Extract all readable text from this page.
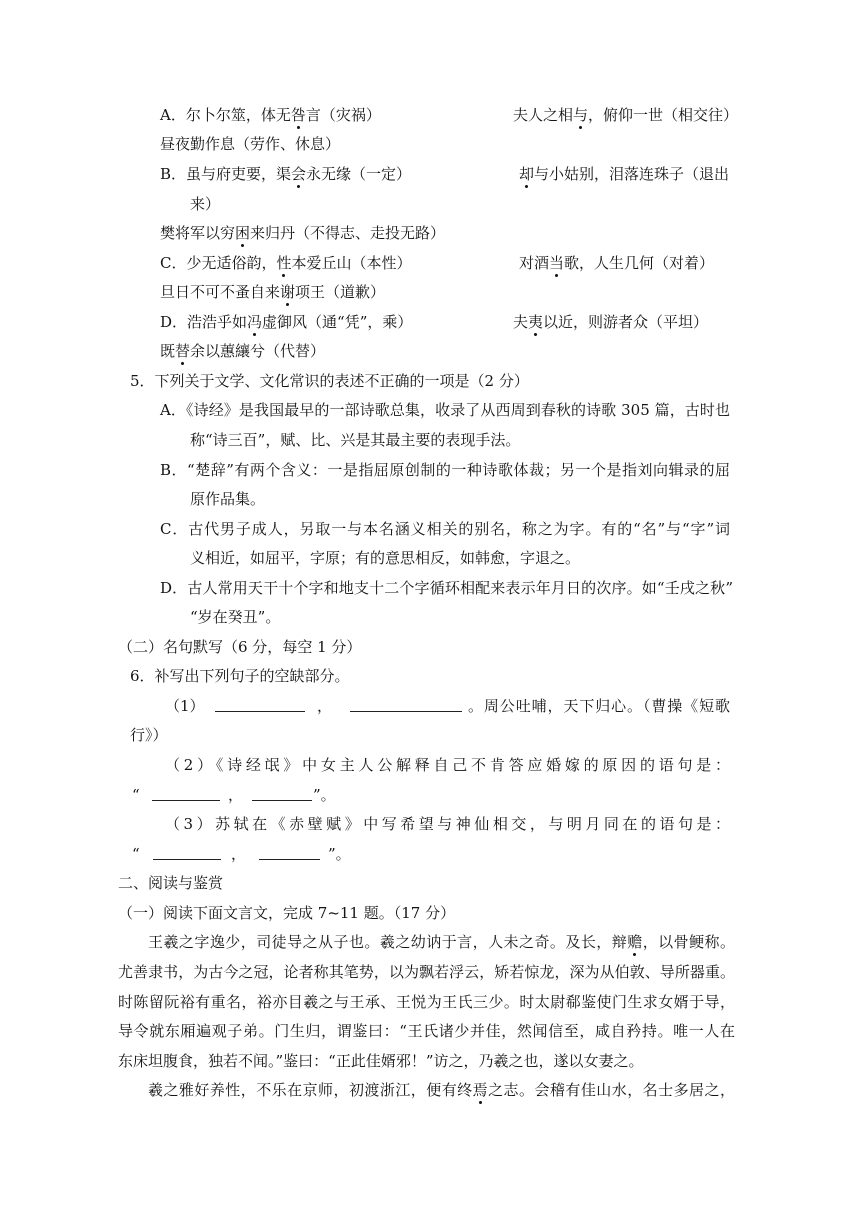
A．尔卜尔筮，体无咎言（灾祸）	夫人之相与，俯仰一世（相交往）
昼夜勤作息（劳作、休息）
B．虽与府吏要，渠会永无缘（一定）	却与小姑别，泪落连珠子（退出
来）
樊将军以穷困来归丹（不得志、走投无路）
C．少无适俗韵，性本爱丘山（本性）	对酒当歌，人生几何（对着）
旦日不可不蚤自来谢项王（道歉）
D．浩浩乎如冯虚御风（通“凭”，乘）	夫夷以近，则游者众（平坦）
既替余以蕙纕兮（代替）
5．下列关于文学、文化常识的表述不正确的一项是（2 分）
A．《诗经》是我国最早的一部诗歌总集，收录了从西周到春秋的诗歌 305 篇，古时也
称“诗三百”，赋、比、兴是其最主要的表现手法。
B．“楚辞”有两个含义：一是指屈原创制的一种诗歌体裁；另一个是指刘向辑录的屈
原作品集。
C．古代男子成人，另取一与本名涵义相关的别名，称之为字。有的“名”与“字”词
义相近，如屈平，字原；有的意思相反，如韩愈，字退之。
D．古人常用天干十个字和地支十二个字循环相配来表示年月日的次序。如“壬戌之秋”
“岁在癸丑”。
（二）名句默写（6 分，每空 1 分）
6．补写出下列句子的空缺部分。
（1）	，	。周公吐哺，天下归心。（曹操《短歌
行》）
（2）《诗经氓》中女主人公解释自己不肯答应婚嫁的原因的语句是：
“	，	”。
（3）苏轼在《赤壁赋》中写希望与神仙相交，与明月同在的语句是：
“	，	”。
二、阅读与鉴赏
（一）阅读下面文言文，完成 7~11 题。（17 分）
王羲之字逸少，司徒导之从子也。羲之幼讷于言，人未之奇。及长，辩赡，以骨鲠称。
尤善隶书，为古今之冠，论者称其笔势，以为飘若浮云，矫若惊龙，深为从伯敦、导所器重。
时陈留阮裕有重名，裕亦目羲之与王承、王悦为王氏三少。时太尉郗鉴使门生求女婿于导，
导令就东厢遍观子弟。门生归，谓鉴曰：“王氏诸少并佳，然闻信至，咸自矜持。唯一人在
东床坦腹食，独若不闻。”鉴曰：“正此佳婿邪！”访之，乃羲之也，遂以女妻之。
羲之雅好养性，不乐在京师，初渡浙江，便有终焉之志。会稽有佳山水，名士多居之，
